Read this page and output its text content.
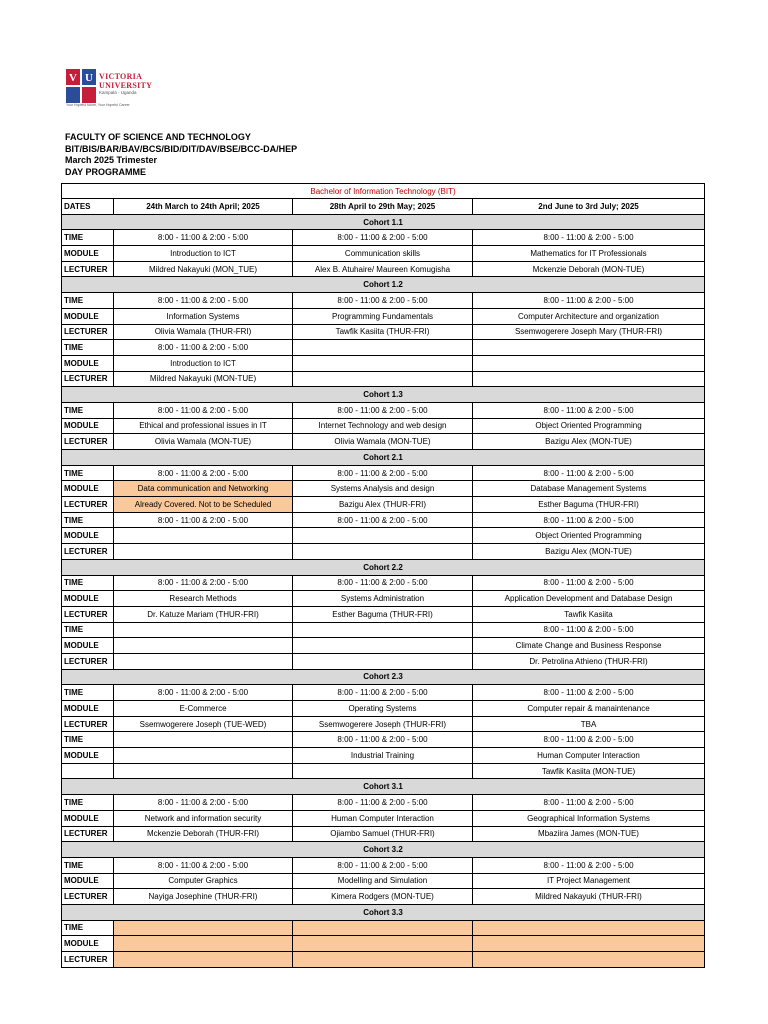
V U VICTORIA
UNIVERSITY
Kampala - Uganda
Your Hopeful future, Your Hopeful Career
FACULTY OF SCIENCE AND TECHNOLOGY
BIT/BIS/BAR/BAV/BCS/BID/DIT/DAV/BSE/BCC-DA/HEP
March 2025 Trimester
DAY PROGRAMME
Bachelor of Information Technology (BIT)			
DATES	24th March to 24th April; 2025	28th April to 29th May; 2025	2nd June to 3rd July; 2025
Cohort 1.1			
TIME	8:00 - 11:00 & 2:00 - 5:00	8:00 - 11:00 & 2:00 - 5:00	8:00 - 11:00 & 2:00 - 5:00
MODULE	Introduction to ICT	Communication skills	Mathematics for IT Professionals
LECTURER	Mildred Nakayuki (MON_TUE)	Alex B. Atuhaire/ Maureen Komugisha	Mckenzie Deborah (MON-TUE)
Cohort 1.2			
TIME	8:00 - 11:00 & 2:00 - 5:00	8:00 - 11:00 & 2:00 - 5:00	8:00 - 11:00 & 2:00 - 5:00
MODULE	Information Systems	Programming Fundamentals	Computer Architecture and organization
LECTURER	Olivia Wamala (THUR-FRI)	Tawfik Kasiita (THUR-FRI)	Ssemwogerere Joseph Mary (THUR-FRI)
TIME	8:00 - 11:00 & 2:00 - 5:00		
MODULE	Introduction to ICT		
LECTURER	Mildred Nakayuki (MON-TUE)		
Cohort 1.3			
TIME	8:00 - 11:00 & 2:00 - 5:00	8:00 - 11:00 & 2:00 - 5:00	8:00 - 11:00 & 2:00 - 5:00
MODULE	Ethical and professional issues in IT	Internet Technology and web design	Object Oriented Programming
LECTURER	Olivia Wamala (MON-TUE)	Olivia Wamala (MON-TUE)	Bazigu Alex (MON-TUE)
Cohort 2.1			
TIME	8:00 - 11:00 & 2:00 - 5:00	8:00 - 11:00 & 2:00 - 5:00	8:00 - 11:00 & 2:00 - 5:00
MODULE	Data communication and Networking	Systems Analysis and design	Database Management Systems
LECTURER	Already Covered. Not to be Scheduled	Bazigu Alex (THUR-FRI)	Esther Baguma (THUR-FRI)
TIME	8:00 - 11:00 & 2:00 - 5:00	8:00 - 11:00 & 2:00 - 5:00	8:00 - 11:00 & 2:00 - 5:00
MODULE			Object Oriented Programming
LECTURER			Bazigu Alex (MON-TUE)
Cohort 2.2			
TIME	8:00 - 11:00 & 2:00 - 5:00	8:00 - 11:00 & 2:00 - 5:00	8:00 - 11:00 & 2:00 - 5:00
MODULE	Research Methods	Systems Administration	Application Development and Database Design
LECTURER	Dr. Katuze Mariam (THUR-FRI)	Esther Baguma (THUR-FRI)	Tawfik Kasiita
TIME			8:00 - 11:00 & 2:00 - 5:00
MODULE			Climate Change and Business Response
LECTURER			Dr. Petrolina Athieno (THUR-FRI)
Cohort 2.3			
TIME	8:00 - 11:00 & 2:00 - 5:00	8:00 - 11:00 & 2:00 - 5:00	8:00 - 11:00 & 2:00 - 5:00
MODULE	E-Commerce	Operating Systems	Computer repair & manaintenance
LECTURER	Ssemwogerere Joseph (TUE-WED)	Ssemwogerere Joseph (THUR-FRI)	TBA
TIME		8:00 - 11:00 & 2:00 - 5:00	8:00 - 11:00 & 2:00 - 5:00
MODULE		Industrial Training	Human Computer Interaction
			Tawfik Kasiita (MON-TUE)
Cohort 3.1			
TIME	8:00 - 11:00 & 2:00 - 5:00	8:00 - 11:00 & 2:00 - 5:00	8:00 - 11:00 & 2:00 - 5:00
MODULE	Network and information security	Human Computer Interaction	Geographical Information Systems
LECTURER	Mckenzie Deborah (THUR-FRI)	Ojiambo Samuel (THUR-FRI)	Mbaziira James (MON-TUE)
Cohort 3.2			
TIME	8:00 - 11:00 & 2:00 - 5:00	8:00 - 11:00 & 2:00 - 5:00	8:00 - 11:00 & 2:00 - 5:00
MODULE	Computer Graphics	Modelling and Simulation	IT Project Management
LECTURER	Nayiga Josephine (THUR-FRI)	Kimera Rodgers (MON-TUE)	Mildred Nakayuki (THUR-FRI)
Cohort 3.3			
TIME			
MODULE			
LECTURER			
